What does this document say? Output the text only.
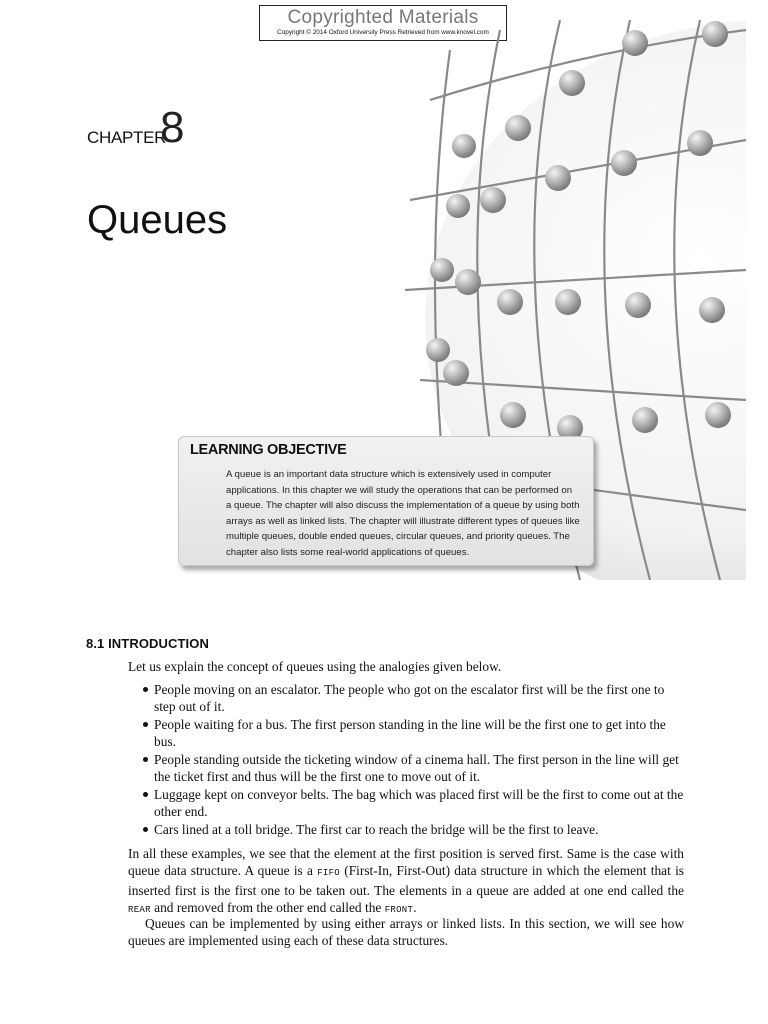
Copyrighted Materials
Copyright © 2014 Oxford University Press Retrieved from www.knovel.com
CHAPTER
8
Queues
LEARNING OBJECTIVE
A queue is an important data structure which is extensively used in computer
applications. In this chapter we will study the operations that can be performed on
a queue. The chapter will also discuss the implementation of a queue by using both
arrays as well as linked lists. The chapter will illustrate different types of queues like
multiple queues, double ended queues, circular queues, and priority queues. The
chapter also lists some real-world applications of queues.
8.1 INTRODUCTION
Let us explain the concept of queues using the analogies given below.
People moving on an escalator. The people who got on the escalator first will be the first one to step out of it.
People waiting for a bus. The first person standing in the line will be the first one to get into the bus.
People standing outside the ticketing window of a cinema hall. The first person in the line will get the ticket first and thus will be the first one to move out of it.
Luggage kept on conveyor belts. The bag which was placed first will be the first to come out at the other end.
Cars lined at a toll bridge. The first car to reach the bridge will be the first to leave.
In all these examples, we see that the element at the first position is served first. Same is the case with queue data structure. A queue is a FIFO (First-In, First-Out) data structure in which the element that is inserted first is the first one to be taken out. The elements in a queue are added at one end called the REAR and removed from the other end called the FRONT.
Queues can be implemented by using either arrays or linked lists. In this section, we will see how queues are implemented using each of these data structures.
